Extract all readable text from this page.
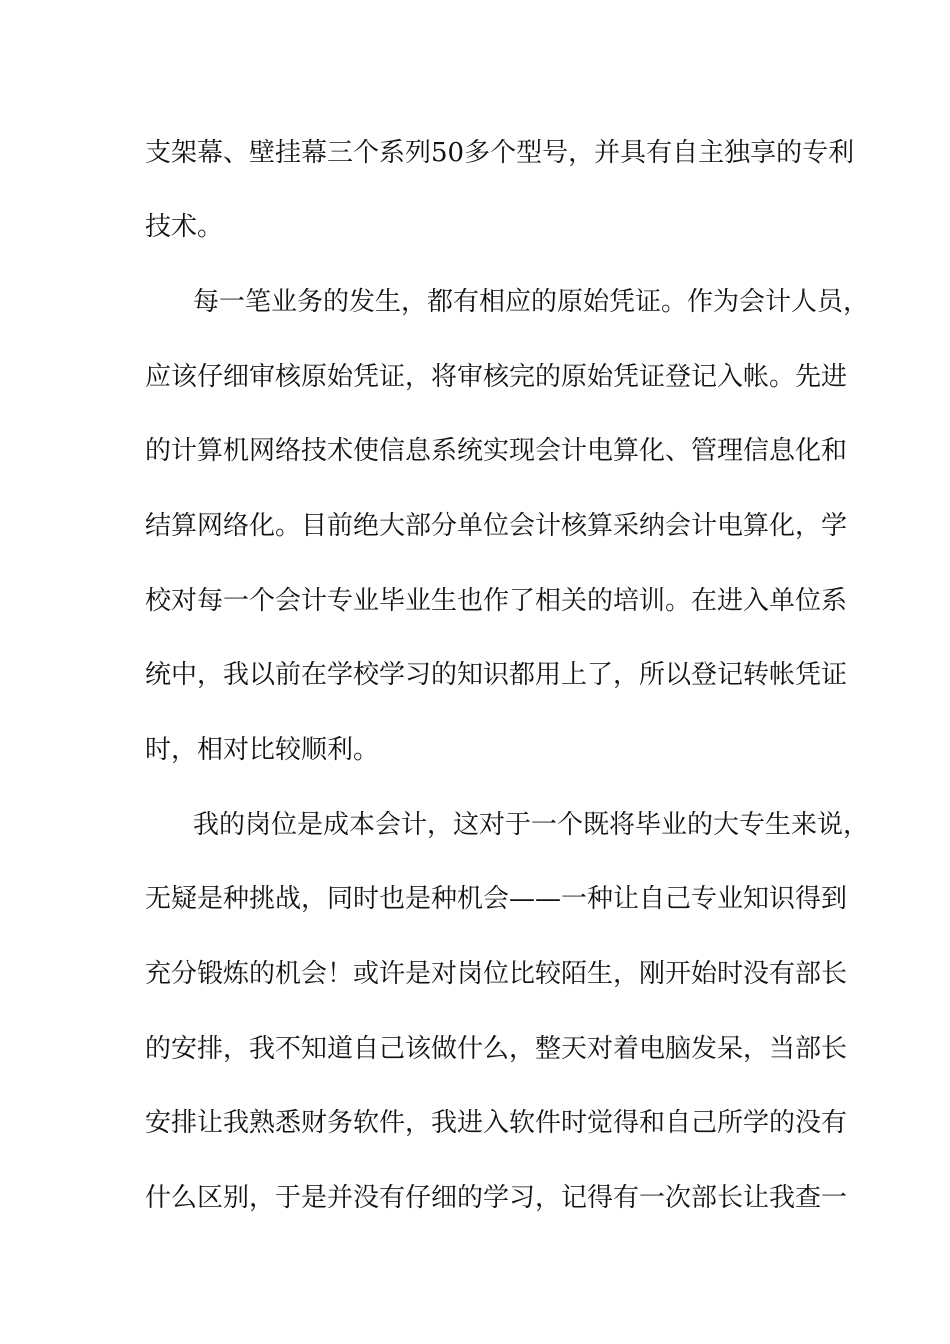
支架幕、壁挂幕三个系列50多个型号，并具有自主独享的专利
技术。
每一笔业务的发生，都有相应的原始凭证。作为会计人员，
应该仔细审核原始凭证，将审核完的原始凭证登记入帐。先进
的计算机网络技术使信息系统实现会计电算化、管理信息化和
结算网络化。目前绝大部分单位会计核算采纳会计电算化，学
校对每一个会计专业毕业生也作了相关的培训。在进入单位系
统中，我以前在学校学习的知识都用上了，所以登记转帐凭证
时，相对比较顺利。
我的岗位是成本会计，这对于一个既将毕业的大专生来说，
无疑是种挑战，同时也是种机会——一种让自己专业知识得到
充分锻炼的机会！或许是对岗位比较陌生，刚开始时没有部长
的安排，我不知道自己该做什么，整天对着电脑发呆，当部长
安排让我熟悉财务软件，我进入软件时觉得和自己所学的没有
什么区别，于是并没有仔细的学习，记得有一次部长让我查一
